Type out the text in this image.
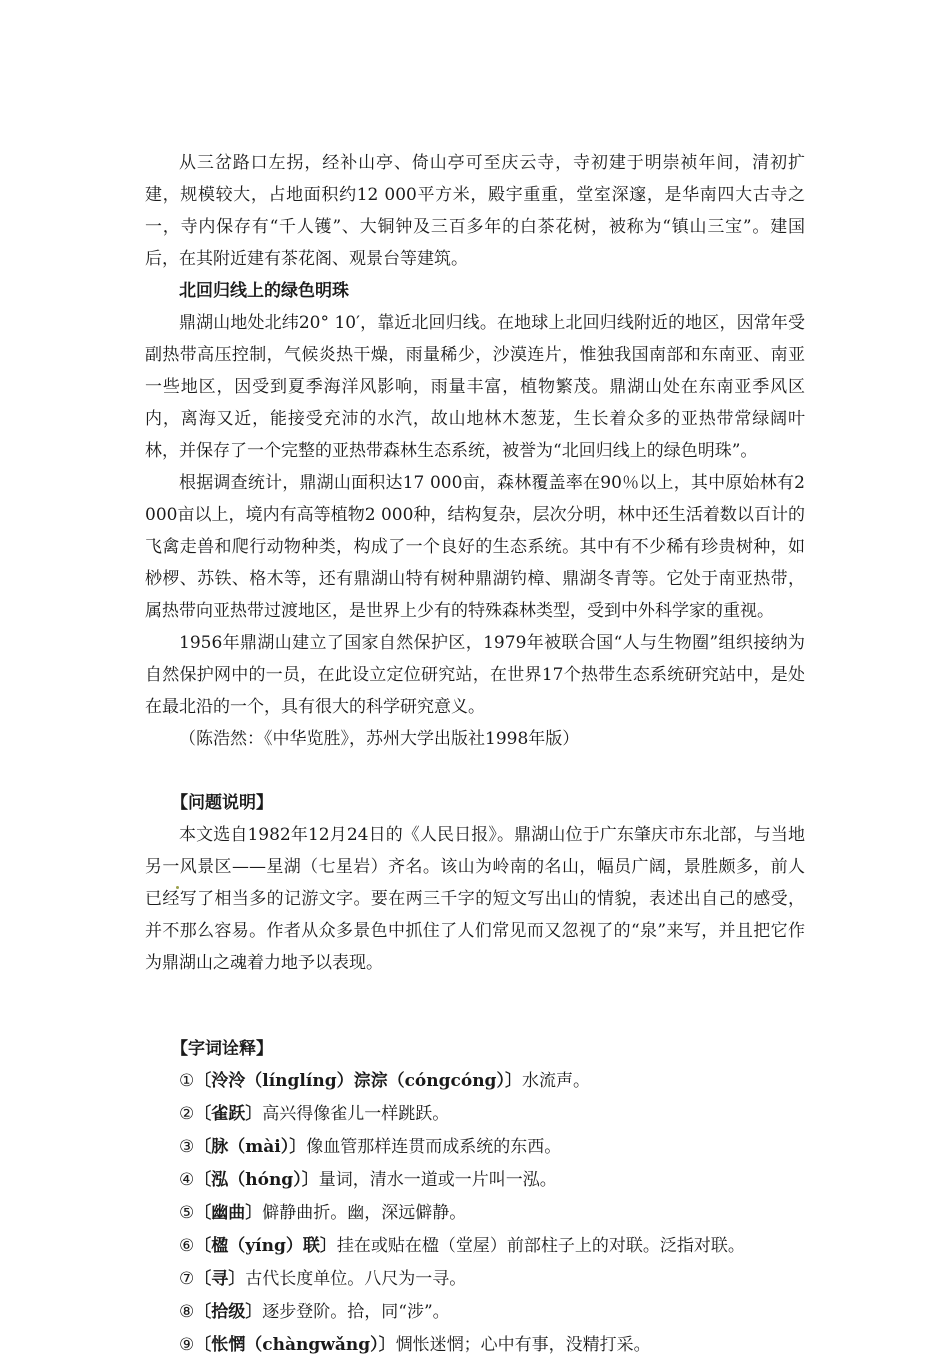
从三岔路口左拐，经补山亭、倚山亭可至庆云寺，寺初建于明崇祯年间，清初扩建，规模较大，占地面积约12 000平方米，殿宇重重，堂室深邃，是华南四大古寺之一，寺内保存有“千人镬”、大铜钟及三百多年的白茶花树，被称为“镇山三宝”。建国后，在其附近建有茶花阁、观景台等建筑。

北回归线上的绿色明珠

鼎湖山地处北纬20° 10′，靠近北回归线。在地球上北回归线附近的地区，因常年受副热带高压控制，气候炎热干燥，雨量稀少，沙漠连片，惟独我国南部和东南亚、南亚一些地区，因受到夏季海洋风影响，雨量丰富，植物繁茂。鼎湖山处在东南亚季风区内，离海又近，能接受充沛的水汽，故山地林木葱茏，生长着众多的亚热带常绿阔叶林，并保存了一个完整的亚热带森林生态系统，被誉为“北回归线上的绿色明珠”。

根据调查统计，鼎湖山面积达17 000亩，森林覆盖率在90％以上，其中原始林有2 000亩以上，境内有高等植物2 000种，结构复杂，层次分明，林中还生活着数以百计的飞禽走兽和爬行动物种类，构成了一个良好的生态系统。其中有不少稀有珍贵树种，如桫椤、苏铁、格木等，还有鼎湖山特有树种鼎湖钓樟、鼎湖冬青等。它处于南亚热带，属热带向亚热带过渡地区，是世界上少有的特殊森林类型，受到中外科学家的重视。

1956年鼎湖山建立了国家自然保护区，1979年被联合国“人与生物圈”组织接纳为自然保护网中的一员，在此设立定位研究站，在世界17个热带生态系统研究站中，是处在最北沿的一个，具有很大的科学研究意义。

（陈浩然：《中华览胜》，苏州大学出版社1998年版）

【问题说明】

本文选自1982年12月24日的《人民日报》。鼎湖山位于广东肇庆市东北部，与当地另一风景区——星湖（七星岩）齐名。该山为岭南的名山，幅员广阔，景胜颇多，前人已经写了相当多的记游文字。要在两三千字的短文写出山的情貌，表述出自己的感受，并不那么容易。作者从众多景色中抓住了人们常见而又忽视了的“泉”来写，并且把它作为鼎湖山之魂着力地予以表现。

【字词诠释】

①〔泠泠（línglíng）淙淙（cóngcóng）〕水流声。

②〔雀跃〕高兴得像雀儿一样跳跃。

③〔脉（mài）〕像血管那样连贯而成系统的东西。

④〔泓（hóng）〕量词，清水一道或一片叫一泓。

⑤〔幽曲〕僻静曲折。幽，深远僻静。

⑥〔楹（yíng）联〕挂在或贴在楹（堂屋）前部柱子上的对联。泛指对联。

⑦〔寻〕古代长度单位。八尺为一寻。

⑧〔拾级〕逐步登阶。拾，同“涉”。

⑨〔怅惘（chàngwǎng）〕惆怅迷惘；心中有事，没精打采。
